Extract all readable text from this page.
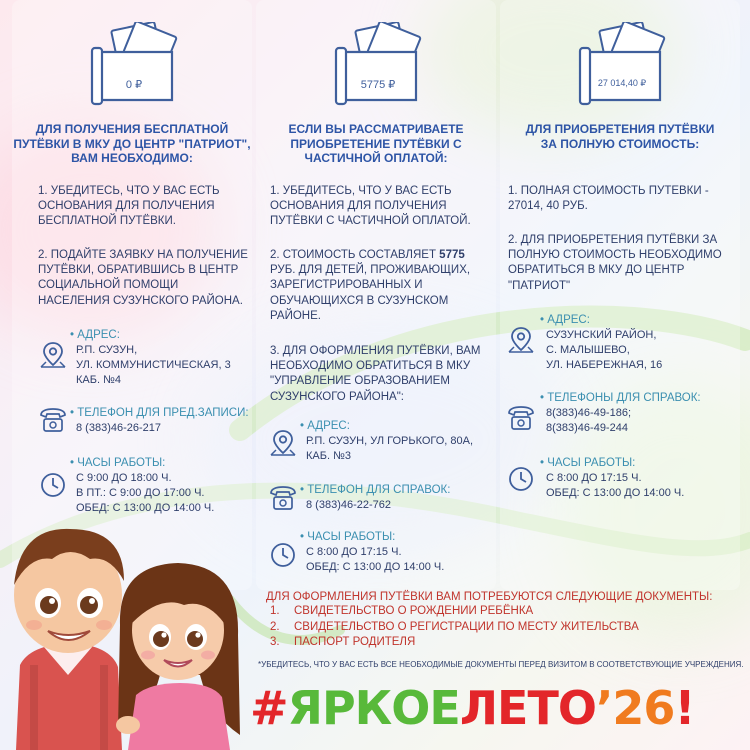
0 ₽
ДЛЯ ПОЛУЧЕНИЯ БЕСПЛАТНОЙ ПУТЁВКИ В МКУ ДО ЦЕНТР "ПАТРИОТ", ВАМ НЕОБХОДИМО:
1. УБЕДИТЕСЬ, ЧТО У ВАС ЕСТЬ ОСНОВАНИЯ ДЛЯ ПОЛУЧЕНИЯ БЕСПЛАТНОЙ ПУТЁВКИ.
2. ПОДАЙТЕ ЗАЯВКУ НА ПОЛУЧЕНИЕ ПУТЁВКИ, ОБРАТИВШИСЬ В ЦЕНТР СОЦИАЛЬНОЙ ПОМОЩИ НАСЕЛЕНИЯ СУЗУНСКОГО РАЙОНА.
• АДРЕС:
Р.П. СУЗУН,
УЛ. КОММУНИСТИЧЕСКАЯ, 3
КАБ. №4
• ТЕЛЕФОН ДЛЯ ПРЕД.ЗАПИСИ:
8 (383)46-26-217
• ЧАСЫ РАБОТЫ:
С 9:00 ДО 18:00 Ч.
В ПТ.: С 9:00 ДО 17:00 Ч.
ОБЕД: С 13:00 ДО 14:00 Ч.
5775 ₽
ЕСЛИ ВЫ РАССМАТРИВАЕТЕ ПРИОБРЕТЕНИЕ ПУТЁВКИ С ЧАСТИЧНОЙ ОПЛАТОЙ:
1. УБЕДИТЕСЬ, ЧТО У ВАС ЕСТЬ ОСНОВАНИЯ ДЛЯ ПОЛУЧЕНИЯ ПУТЁВКИ С ЧАСТИЧНОЙ ОПЛАТОЙ.
2. СТОИМОСТЬ СОСТАВЛЯЕТ 5775 РУБ. ДЛЯ ДЕТЕЙ, ПРОЖИВАЮЩИХ, ЗАРЕГИСТРИРОВАННЫХ И ОБУЧАЮЩИХСЯ В СУЗУНСКОМ РАЙОНЕ.
3. ДЛЯ ОФОРМЛЕНИЯ ПУТЁВКИ, ВАМ НЕОБХОДИМО ОБРАТИТЬСЯ В МКУ "УПРАВЛЕНИЕ ОБРАЗОВАНИЕМ СУЗУНСКОГО РАЙОНА":
• АДРЕС:
Р.П. СУЗУН, УЛ ГОРЬКОГО, 80А,
КАБ. №3
• ТЕЛЕФОН ДЛЯ СПРАВОК:
8 (383)46-22-762
• ЧАСЫ РАБОТЫ:
С 8:00 ДО 17:15 Ч.
ОБЕД: С 13:00 ДО 14:00 Ч.
27 014,40 ₽
ДЛЯ ПРИОБРЕТЕНИЯ ПУТЁВКИ ЗА ПОЛНУЮ СТОИМОСТЬ:
1. ПОЛНАЯ СТОИМОСТЬ ПУТЕВКИ - 27014, 40 РУБ.
2. ДЛЯ ПРИОБРЕТЕНИЯ ПУТЁВКИ ЗА ПОЛНУЮ СТОИМОСТЬ НЕОБХОДИМО ОБРАТИТЬСЯ В МКУ ДО ЦЕНТР "ПАТРИОТ"
• АДРЕС:
СУЗУНСКИЙ РАЙОН,
С. МАЛЫШЕВО,
УЛ. НАБЕРЕЖНАЯ, 16
• ТЕЛЕФОНЫ ДЛЯ СПРАВОК:
8(383)46-49-186;
8(383)46-49-244
• ЧАСЫ РАБОТЫ:
С 8:00 ДО 17:15 Ч.
ОБЕД: С 13:00 ДО 14:00 Ч.
ДЛЯ ОФОРМЛЕНИЯ ПУТЁВКИ ВАМ ПОТРЕБУЮТСЯ СЛЕДУЮЩИЕ ДОКУМЕНТЫ:
1.	СВИДЕТЕЛЬСТВО О РОЖДЕНИИ РЕБЁНКА
2.	СВИДЕТЕЛЬСТВО О РЕГИСТРАЦИИ ПО МЕСТУ ЖИТЕЛЬСТВА
3.	ПАСПОРТ РОДИТЕЛЯ
*УБЕДИТЕСЬ, ЧТО У ВАС ЕСТЬ ВСЕ НЕОБХОДИМЫЕ ДОКУМЕНТЫ ПЕРЕД ВИЗИТОМ В СООТВЕТСТВУЮЩИЕ УЧРЕЖДЕНИЯ.
#ЯРКОЕЛЕТО’26!
